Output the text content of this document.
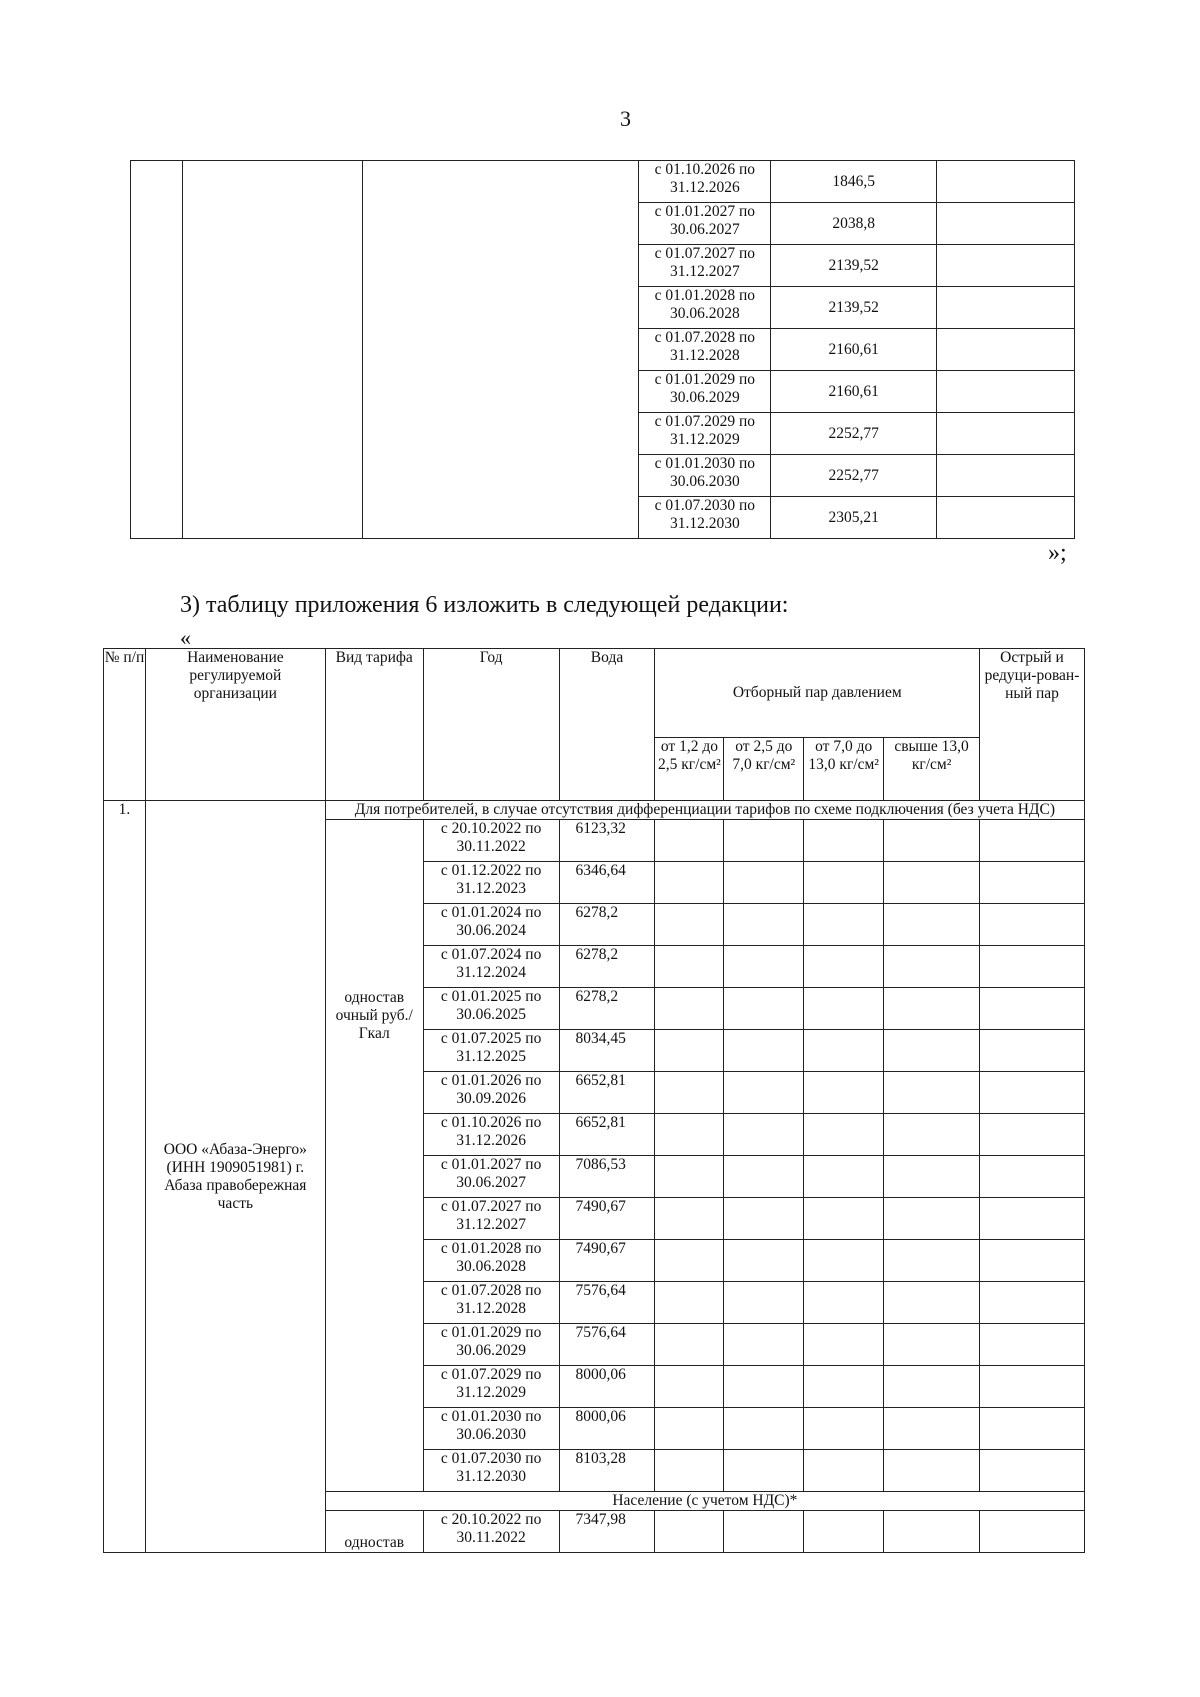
3
			с 01.10.2026 по 31.12.2026	1846,5	
			с 01.01.2027 по 30.06.2027	2038,8	
			с 01.07.2027 по 31.12.2027	2139,52	
			с 01.01.2028 по 30.06.2028	2139,52	
			с 01.07.2028 по 31.12.2028	2160,61	
			с 01.01.2029 по 30.06.2029	2160,61	
			с 01.07.2029 по 31.12.2029	2252,77	
			с 01.01.2030 по 30.06.2030	2252,77	
			с 01.07.2030 по 31.12.2030	2305,21	
»;
3) таблицу приложения 6 изложить в следующей редакции:
«
№ п/п	Наименование регулируемой организации	Вид тарифа	Год	Вода	Отборный пар давлением				Острый и редуци-рован-ный пар
					от 1,2 до 2,5 кг/см²	от 2,5 до 7,0 кг/см²	от 7,0 до 13,0 кг/см²	свыше 13,0 кг/см²	
1.	ООО «Абаза-Энерго» (ИНН 1909051981) г. Абаза правобережная часть	Для потребителей, в случае отсутствия дифференциации тарифов по схеме подключения (без учета НДС)							
		одностав очный руб./Гкал	с 20.10.2022 по 30.11.2022	6123,32					
			с 01.12.2022 по 31.12.2023	6346,64					
			с 01.01.2024 по 30.06.2024	6278,2					
			с 01.07.2024 по 31.12.2024	6278,2					
			с 01.01.2025 по 30.06.2025	6278,2					
			с 01.07.2025 по 31.12.2025	8034,45					
			с 01.01.2026 по 30.09.2026	6652,81					
			с 01.10.2026 по 31.12.2026	6652,81					
			с 01.01.2027 по 30.06.2027	7086,53					
			с 01.07.2027 по 31.12.2027	7490,67					
			с 01.01.2028 по 30.06.2028	7490,67					
			с 01.07.2028 по 31.12.2028	7576,64					
			с 01.01.2029 по 30.06.2029	7576,64					
			с 01.07.2029 по 31.12.2029	8000,06					
			с 01.01.2030 по 30.06.2030	8000,06					
			с 01.07.2030 по 31.12.2030	8103,28					
		Население (с учетом НДС)*							
		одностав	с 20.10.2022 по 30.11.2022	7347,98					
